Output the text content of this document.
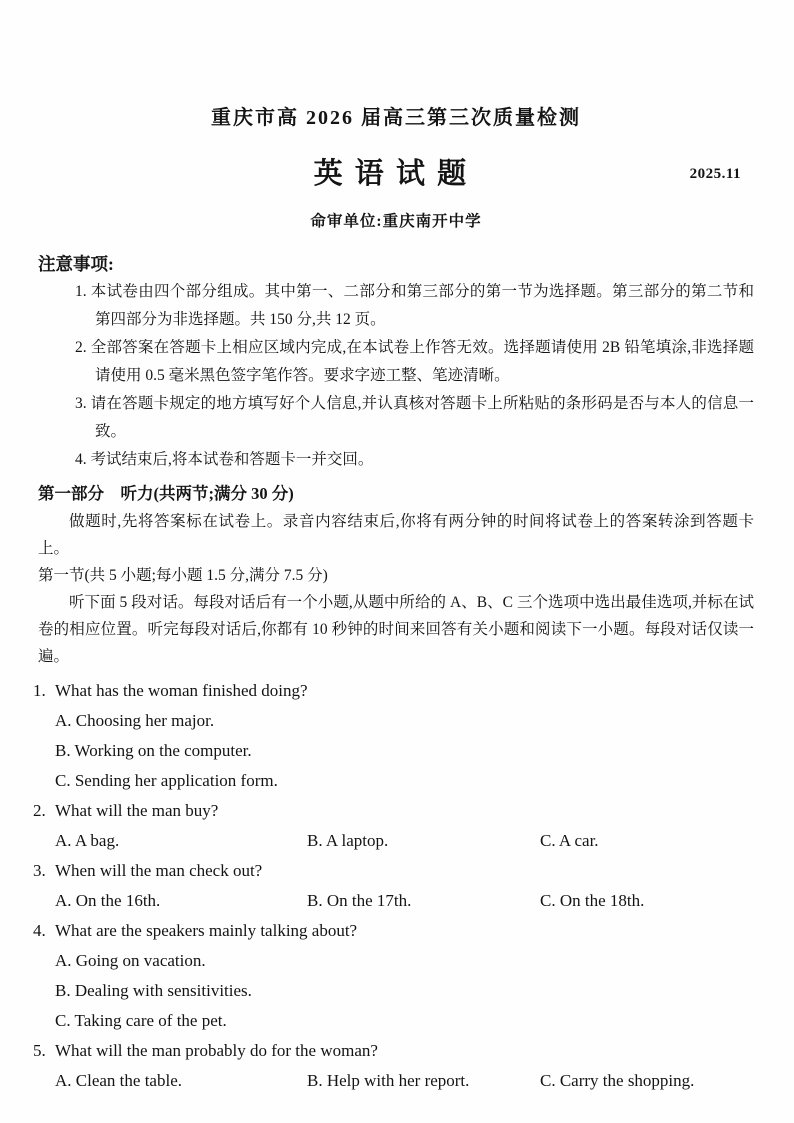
重庆市高 2026 届高三第三次质量检测
英语试题	2025.11
命审单位:重庆南开中学
注意事项:
1. 本试卷由四个部分组成。其中第一、二部分和第三部分的第一节为选择题。第三部分的第二节和第四部分为非选择题。共 150 分,共 12 页。
2. 全部答案在答题卡上相应区域内完成,在本试卷上作答无效。选择题请使用 2B 铅笔填涂,非选择题请使用 0.5 毫米黑色签字笔作答。要求字迹工整、笔迹清晰。
3. 请在答题卡规定的地方填写好个人信息,并认真核对答题卡上所粘贴的条形码是否与本人的信息一致。
4. 考试结束后,将本试卷和答题卡一并交回。
第一部分　听力(共两节;满分 30 分)

做题时,先将答案标在试卷上。录音内容结束后,你将有两分钟的时间将试卷上的答案转涂到答题卡上。

第一节(共 5 小题;每小题 1.5 分,满分 7.5 分)

听下面 5 段对话。每段对话后有一个小题,从题中所给的 A、B、C 三个选项中选出最佳选项,并标在试卷的相应位置。听完每段对话后,你都有 10 秒钟的时间来回答有关小题和阅读下一小题。每段对话仅读一遍。

1. What has the woman finished doing?
A. Choosing her major.
B. Working on the computer.
C. Sending her application form.
2. What will the man buy?
A. A bag.	B. A laptop.	C. A car.
3. When will the man check out?
A. On the 16th.	B. On the 17th.	C. On the 18th.
4. What are the speakers mainly talking about?
A. Going on vacation.
B. Dealing with sensitivities.
C. Taking care of the pet.
5. What will the man probably do for the woman?
A. Clean the table.	B. Help with her report.	C. Carry the shopping.
